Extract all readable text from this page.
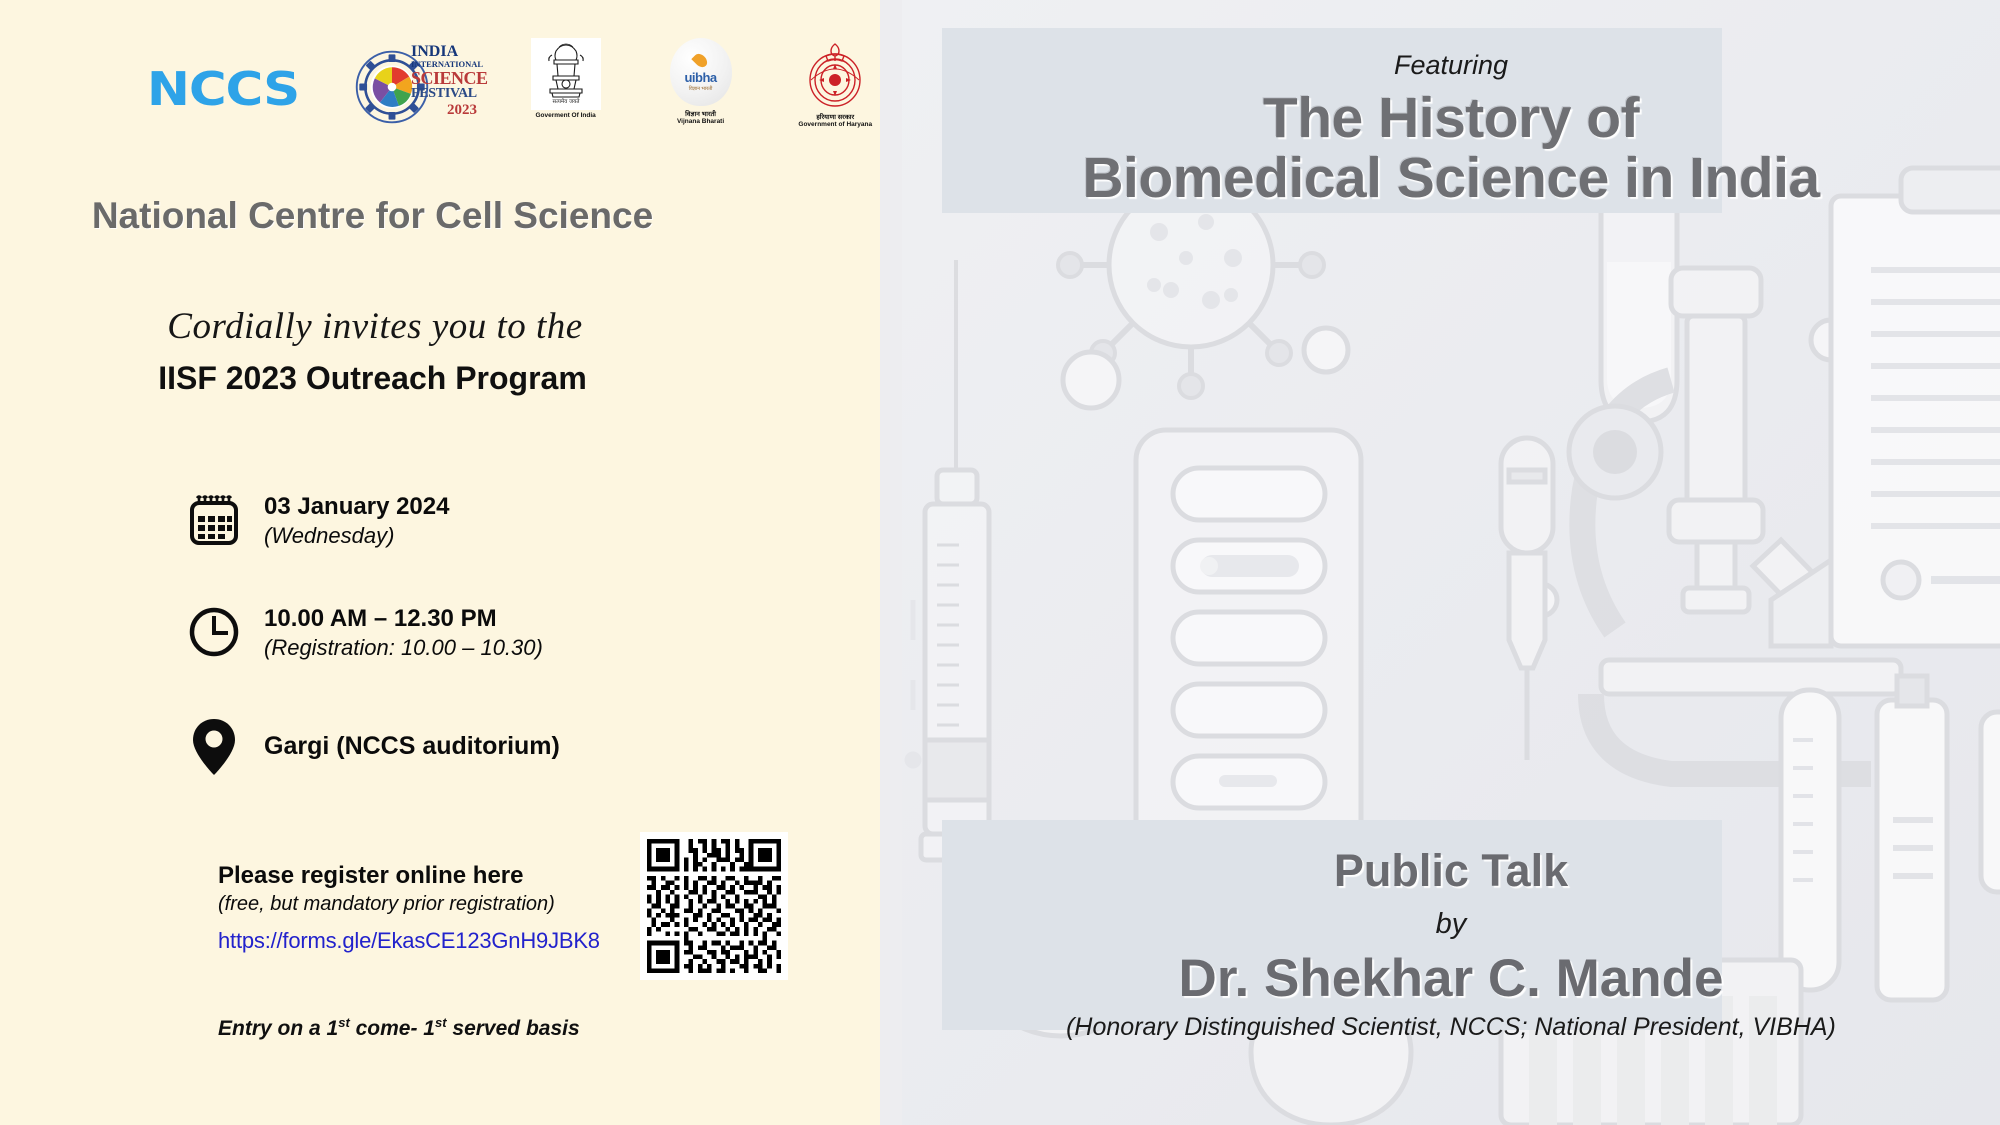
NCCS
INDIA
INTERNATIONAL
SCIENCE
FESTIVAL
2023	सत्यमेव जयते
Goverment Of India
uibha
विज्ञान भारती
विज्ञान भारती
Vijnana Bharati
हरियाणा सरकार
Government of Haryana
National Centre for Cell Science
Cordially invites you to the
IISF 2023 Outreach Program
03 January 2024
(Wednesday)
10.00 AM – 12.30 PM
(Registration: 10.00 – 10.30)
Gargi (NCCS auditorium)
Please register online here
(free, but mandatory prior registration)
https://forms.gle/EkasCE123GnH9JBK8
Entry on a 1st come- 1st served basis
Featuring
The History of
Biomedical Science in India
Public Talk
by
Dr. Shekhar C. Mande
(Honorary Distinguished Scientist, NCCS; National President, VIBHA)
